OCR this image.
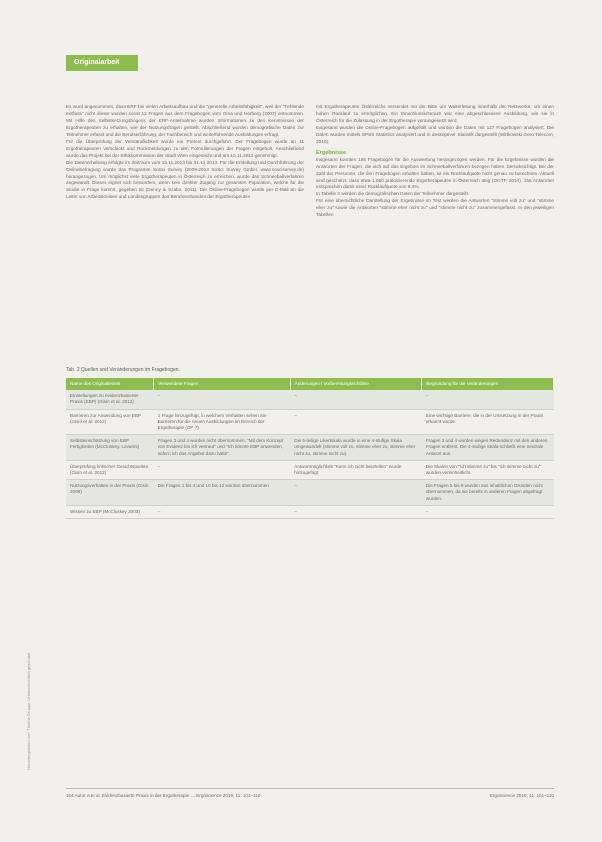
Originalarbeit
Heruntergeladen von: Thieme Gruppe. Urheberrechtlich geschützt.

Es wurd angenommen, dass ERF bei vielen Arbeitsaufbau und die "generelle Arbeitsfähigkeit", weil der "Fehlende einfluss" nicht dieser wurden sonst 12 Fragen aus dem Fragebogen vom Gina und Herberg (2003) entnommen. Mit Hilfe des Selbstsetzungsbogens der ERF-Anteilnahme wurden Informationen zu den Kenntnissen der Ergotherapeuten zu erhalten, wie der Nutzungsfragen gestellt. Abschließend wurden demografische Daten zur Teilnehmer erfasst und die Berufserfahrung, der Fachbereich und weiterführende Ausbildungen erfragt.

Für die Überprüfung der Verständlichkeit wurde ein Pretest durchgeführt. Der Fragebogen wurde an 11 Ergotherapeuten verschickt und Rückmeldungen zu den Formulierungen der Fragen eingeholt. Anschließend wurde das Projekt bei der Ethikkommission der Stadt Wien eingereicht und am 10.11.2013 genehmigt.

Die Datenerhebung erfolgte im Zeitraum vom 15.11.2013 bis 31.12.2013. Für die Erstellung und Durchführung der Onlinebefragung wurde das Programm SoSci Survey (2009-2013 SoSci Survey GmbH, www.soscisurvey.de) herangezogen. Um möglichst viele Ergotherapeuten in Österreich zu erreichen, wurde das Schneeballverfahren angewandt. Dieses eignet sich besonders, wenn kein direkter Zugang zur gesamten Population, welche für die Studie in Frage kommt, gegeben ist (Denny & Szabo, 2011). Der Online-Fragebogen wurde per E-Mail an die Leiter von Arbeitskreisen und Landesgruppen des Berufsverbandes der Ergotherapeuten

mit Ergotherapeuten Österreichs versendet mit der Bitte um Weiterleitung innerhalb der Netzwerke, um einen hohen Rücklauf zu ermöglichen. Ein Einschlusskriterium war eine abgeschlossene Ausbildung, wie sie in Österreich für die Zulassung in der Ergotherapie vorausgesetzt wird.

Insgesamt wurden die Online-Fragebogen aufgefüllt und wurden die Daten mit 127 Fragebogen analysiert. Die Daten wurden mittels SPSS Statistics analysiert und in deskriptiver Statistik dargestellt (Wittkowski Gero Telecom, 2010).

Ergebnisse

Insgesamt konnten 156 Fragebögen für die Auswertung herangezogen werden. Für die Ergebnisse wurden die Antworten der Fragen, die sich auf das Ergebnis im Schneeballverfahren bezogen haben, berücksichtigt. Bei der Zahl der Personen, die den Fragebogen erhalten haben, ist ein Rücklaufquote nicht genau zu berechnen. Aktuell sind geschätzt, dass etwa 1.850 praktizierende Ergotherapeuten in Österreich tätig (OGTF, 2014). 156 Antworten entsprechen damit einer Rücklaufquote von 8,4%.

In Tabelle 3 werden die demografischen Daten der Teilnehmer dargestellt.

Für eine übersichtliche Darstellung der Ergebnisse im Text werden die Antworten "stimme voll zu" und "stimme eher zu" sowie die Antworten "stimme eher nicht zu" und "stimme nicht zu" zusammengefasst. In den jeweiligen Tabellen

Tab. 2 Quellen und Veränderungen im Fragebogen.
Name des Originaltextes	Verwendete Fragen	Änderungen / Vorbereitungsrichtlinie	Begründung für die Veränderungen
Einstellungen zu evidenzbasierter Praxis (EBP) (Gisin et al. 2012)	–	–	–
Barrieren zur Anwendung von EBP (Gisin et al. 2012)	1 Frage hinzugefügt, in welchem Verhalten sehen Sie Barrieren für die neuen Ausbildungen im Bereich der Ergotherapie (OP 7)	–	Eine wichtige Barriere, die in der Umsetzung in der Praxis erkannt wurde.
Selbsteinschätzung von EBP Fertigkeiten (McCluskey, Lovarini)	Fragen 3 und 4 wurden nicht übernommen: "Mit dem Konzept von Evidenz bin ich vertraut" und "Ich könnte EBP anwenden, sofern ich das Angebot dazu hätte".	Die 5-teilige Likertskala wurde in eine 4-stufige Skala umgewandelt (stimme voll zu, stimme eher zu, stimme eher nicht zu, stimme nicht zu).	Fragen 3 und 4 wurden wegen Redundanz mit den anderen Fragen entfernt. Die 4-stufige Skala schließt eine neutrale Antwort aus.
Überprüfung kritischer Gesichtspunkte (Gisin et al. 2012)	–	Antwortmöglichkeit "Kann ich nicht beurteilen" wurde hinzugefügt.	Die Skalen von "Ich stimme zu" bis "ich stimme nicht zu" wurden vereinheitlicht.
Nutzungsverhalten in der Praxis (Gisin 2008)	Die Fragen 1 bis 4 und 10 bis 12 wurden übernommen	–	Die Fragen 5 bis 9 wurden aus inhaltlichen Gründen nicht übernommen, da sie bereits in anderen Fragen abgefragt wurden.
Wissen zu EBP (McCluskey 2003)	–	–	–
104 Autor A et al. Evidenzbasierte Praxis in der Ergotherapie … Ergoscience 2016; 11: 101–110	Ergoscience 2016; 11: 101–110
